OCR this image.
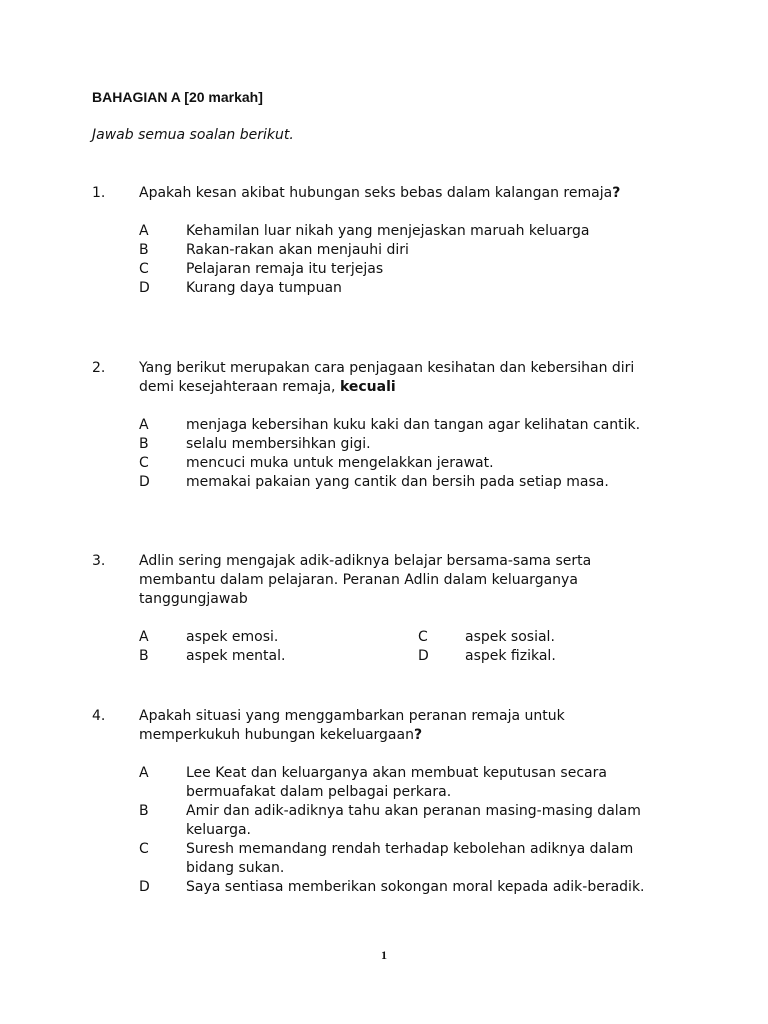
BAHAGIAN A [20 markah]
Jawab semua soalan berikut.
1. Apakah kesan akibat hubungan seks bebas dalam kalangan remaja?
A	Kehamilan luar nikah yang menjejaskan maruah keluarga
B	Rakan-rakan akan menjauhi diri
C	Pelajaran remaja itu terjejas
D	Kurang daya tumpuan
2. Yang berikut merupakan cara penjagaan kesihatan dan kebersihan diri demi kesejahteraan remaja, kecuali
A	menjaga kebersihan kuku kaki dan tangan agar kelihatan cantik.
B	selalu membersihkan gigi.
C	mencuci muka untuk mengelakkan jerawat.
D	memakai pakaian yang cantik dan bersih pada setiap masa.
3. Adlin sering mengajak adik-adiknya belajar bersama-sama serta membantu dalam pelajaran. Peranan Adlin dalam keluarganya tanggungjawab
A	aspek emosi.	C	aspek sosial.
B	aspek mental.	D	aspek fizikal.
4. Apakah situasi yang menggambarkan peranan remaja untuk memperkukuh hubungan kekeluargaan?
A	Lee Keat dan keluarganya akan membuat keputusan secara bermuafakat dalam pelbagai perkara.
B	Amir dan adik-adiknya tahu akan peranan masing-masing dalam keluarga.
C	Suresh memandang rendah terhadap kebolehan adiknya dalam bidang sukan.
D	Saya sentiasa memberikan sokongan moral kepada adik-beradik.
1
